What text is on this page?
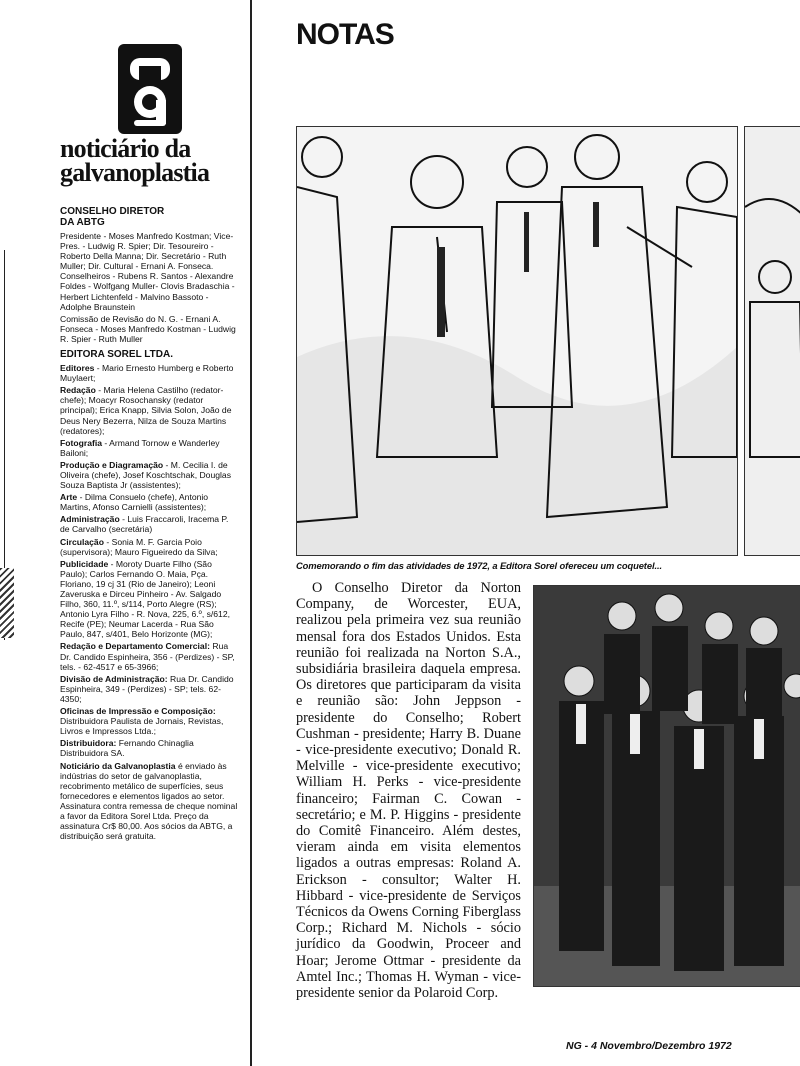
noticiário da
galvanoplastia
CONSELHO DIRETOR
DA ABTG

Presidente - Moses Manfredo Kostman; Vice-Pres. - Ludwig R. Spier; Dir. Tesoureiro - Roberto Della Manna; Dir. Secretário - Ruth Muller; Dir. Cultural - Ernani A. Fonseca. Conselheiros - Rubens R. Santos - Alexandre Foldes - Wolfgang Muller- Clovis Bradaschia - Herbert Lichtenfeld - Malvino Bassoto - Adolphe Braunstein

Comissão de Revisão do N. G. - Ernani A. Fonseca - Moses Manfredo Kostman - Ludwig R. Spier - Ruth Muller

EDITORA SOREL LTDA.

Editores - Mario Ernesto Humberg e Roberto Muylaert;

Redação - Maria Helena Castilho (redator-chefe); Moacyr Rosochansky (redator principal); Erica Knapp, Silvia Solon, João de Deus Nery Bezerra, Nilza de Souza Martins (redatores);

Fotografia - Armand Tornow e Wanderley Bailoni;

Produção e Diagramação - M. Cecilia I. de Oliveira (chefe), Josef Koschtschak, Douglas Souza Baptista Jr (assistentes);

Arte - Dilma Consuelo (chefe), Antonio Martins, Afonso Carnielli (assistentes);

Administração - Luis Fraccaroli, Iracema P. de Carvalho (secretária)

Circulação - Sonia M. F. Garcia Poio (supervisora); Mauro Figueiredo da Silva;

Publicidade - Moroty Duarte Filho (São Paulo); Carlos Fernando O. Maia, Pça. Floriano, 19 cj 31 (Rio de Janeiro); Leoni Zaveruska e Dirceu Pinheiro - Av. Salgado Filho, 360, 11.º, s/114, Porto Alegre (RS); Antonio Lyra Filho - R. Nova, 225, 6.º, s/612, Recife (PE); Neumar Lacerda - Rua São Paulo, 847, s/401, Belo Horizonte (MG);

Redação e Departamento Comercial: Rua Dr. Candido Espinheira, 356 - (Perdizes) - SP, tels. - 62-4517 e 65-3966;

Divisão de Administração: Rua Dr. Candido Espinheira, 349 - (Perdizes) - SP; tels. 62-4350;

Oficinas de Impressão e Composição: Distribuidora Paulista de Jornais, Revistas, Livros e Impressos Ltda.;

Distribuidora: Fernando Chinaglia Distribuidora SA.

Noticiário da Galvanoplastia é enviado às indústrias do setor de galvanoplastia, recobrimento metálico de superfícies, seus fornecedores e elementos ligados ao setor. Assinatura contra remessa de cheque nominal a favor da Editora Sorel Ltda. Preço da assinatura Cr$ 80,00. Aos sócios da ABTG, a distribuição será gratuita.

NOTAS
Comemorando o fim das atividades de 1972, a Editora Sorel ofereceu um coquetel...

O Conselho Diretor da Norton Company, de Worcester, EUA, realizou pela primeira vez sua reunião mensal fora dos Estados Unidos. Esta reunião foi realizada na Norton S.A., subsidiária brasileira daquela empresa. Os diretores que participaram da visita e reunião são: John Jeppson - presidente do Conselho; Robert Cushman - presidente; Harry B. Duane - vice-presidente executivo; Donald R. Melville - vice-presidente executivo; William H. Perks - vice-presidente financeiro; Fairman C. Cowan - secretário; e M. P. Higgins - presidente do Comitê Financeiro. Além destes, vieram ainda em visita elementos ligados a outras empresas: Roland A. Erickson - consultor; Walter H. Hibbard - vice-presidente de Serviços Técnicos da Owens Corning Fiberglass Corp.; Richard M. Nichols - sócio jurídico da Goodwin, Proceer and Hoar; Jerome Ottmar - presidente da Amtel Inc.; Thomas H. Wyman - vice-presidente senior da Polaroid Corp.

NG - 4 Novembro/Dezembro 1972
